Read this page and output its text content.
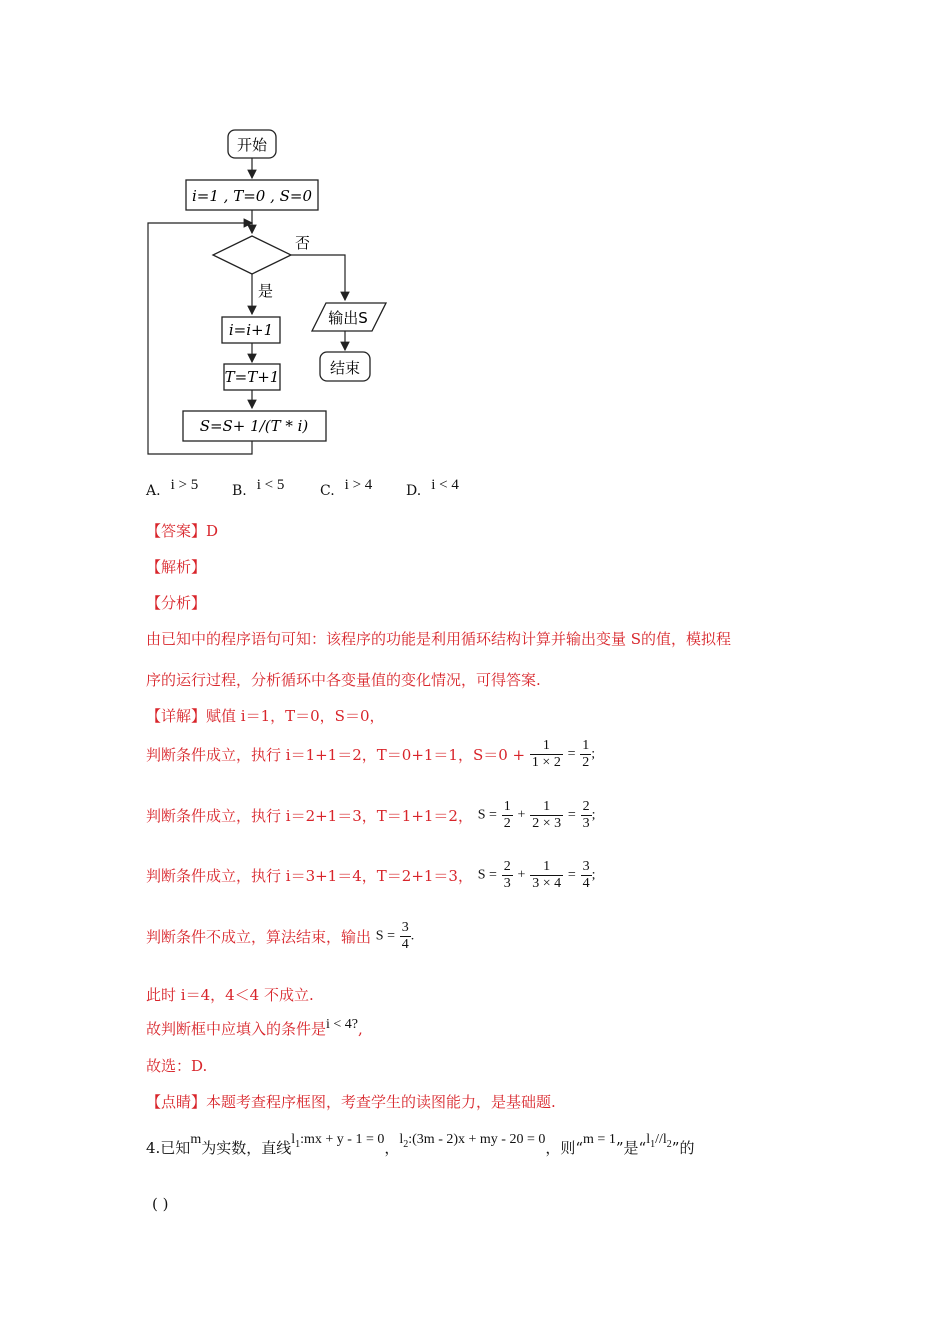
开始
i=1 , T=0 , S=0
否
输出S
结束
是
i=i+1
T=T+1
S=S+ 1/(T * i)
A. i > 5 B. i < 5	C. i > 4 D. i < 4
【答案】D
【解析】
【分析】
由已知中的程序语句可知：该程序的功能是利用循环结构计算并输出变量 S的值，模拟程
序的运行过程，分析循环中各变量值的变化情况，可得答案.
【详解】赋值 i＝1，T＝0，S＝0，
判断条件成立，执行 i＝1+1＝2，T＝0+1＝1，$S=0 + \frac{1}{1 \times 2} = \frac{1}{2}$ ;
判断条件成立，执行 i＝2+1＝3，T＝1+1＝2， $S = \frac{1}{2} + \frac{1}{2 \times 3} = \frac{2}{3}$ ;
判断条件成立，执行 i＝3+1＝4，T＝2+1＝3， $S = \frac{2}{3} + \frac{1}{3 \times 4} = \frac{3}{4}$ ;
判断条件不成立，算法结束，输出 $S = \frac{3}{4}$ .
此时 i＝4，4＜4 不成立.
故判断框中应填入的条件是i < 4?,
故选：D.
【点睛】本题考查程序框图，考查学生的读图能力，是基础题.
4.已知m为实数，直线$l_1:mx + y - 1 = 0$，$l_2:(3m - 2)x$ + my - 20 = 0，则“m = 1”是“$l_1//l_2$”的
( )
